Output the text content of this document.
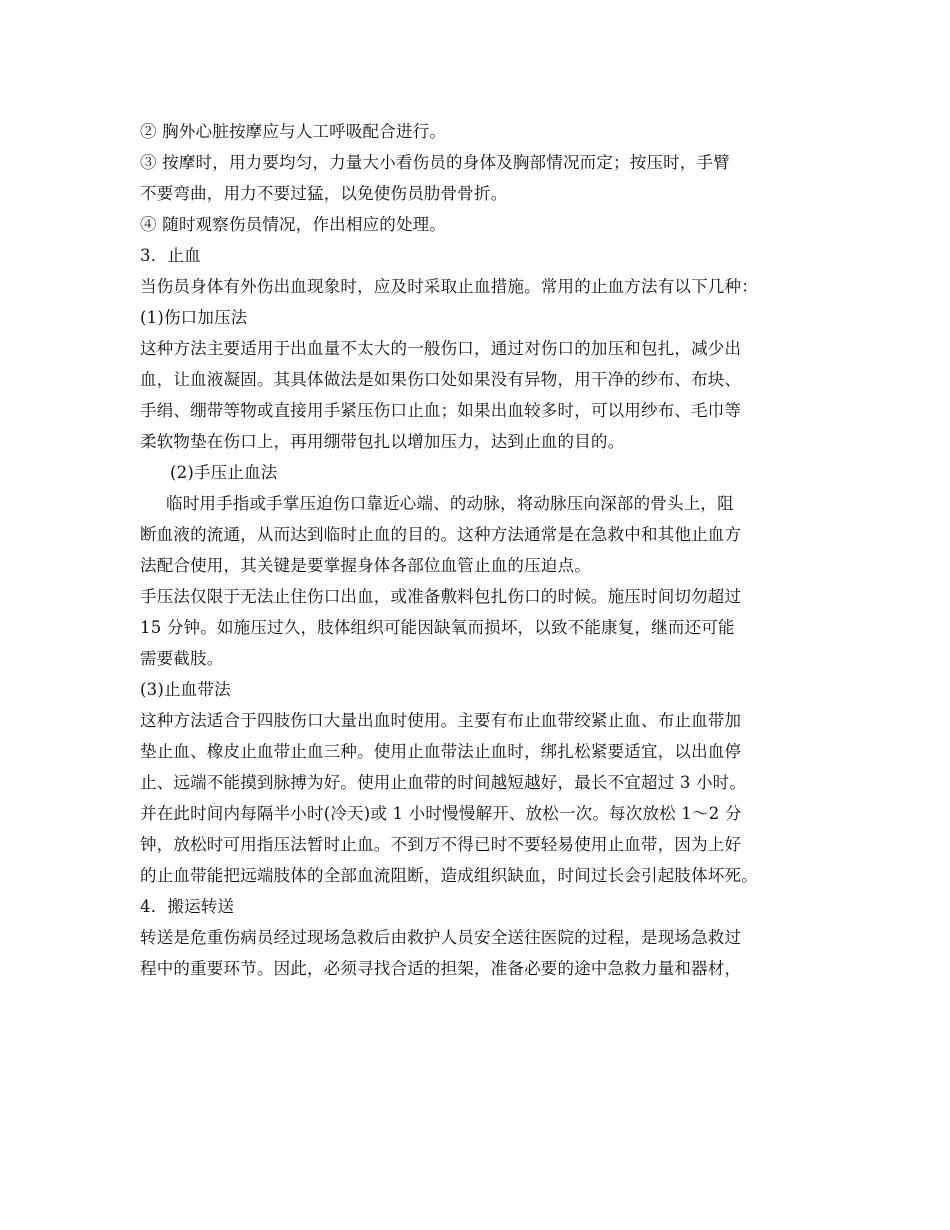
② 胸外心脏按摩应与人工呼吸配合进行。
③ 按摩时，用力要均匀，力量大小看伤员的身体及胸部情况而定；按压时，手臂
不要弯曲，用力不要过猛，以免使伤员肋骨骨折。
④ 随时观察伤员情况，作出相应的处理。
3．止血
当伤员身体有外伤出血现象时，应及时采取止血措施。常用的止血方法有以下几种：
(1)伤口加压法
这种方法主要适用于出血量不太大的一般伤口，通过对伤口的加压和包扎，减少出
血，让血液凝固。其具体做法是如果伤口处如果没有异物，用干净的纱布、布块、
手绢、绷带等物或直接用手紧压伤口止血；如果出血较多时，可以用纱布、毛巾等
柔软物垫在伤口上，再用绷带包扎以增加压力，达到止血的目的。
(2)手压止血法
临时用手指或手掌压迫伤口靠近心端、的动脉，将动脉压向深部的骨头上，阻
断血液的流通，从而达到临时止血的目的。这种方法通常是在急救中和其他止血方
法配合使用，其关键是要掌握身体各部位血管止血的压迫点。
手压法仅限于无法止住伤口出血，或准备敷料包扎伤口的时候。施压时间切勿超过
15 分钟。如施压过久，肢体组织可能因缺氧而损坏，以致不能康复，继而还可能
需要截肢。
(3)止血带法
这种方法适合于四肢伤口大量出血时使用。主要有布止血带绞紧止血、布止血带加
垫止血、橡皮止血带止血三种。使用止血带法止血时，绑扎松紧要适宜，以出血停
止、远端不能摸到脉搏为好。使用止血带的时间越短越好，最长不宜超过 3 小时。
并在此时间内每隔半小时(冷天)或 1 小时慢慢解开、放松一次。每次放松 1～2 分
钟，放松时可用指压法暂时止血。不到万不得已时不要轻易使用止血带，因为上好
的止血带能把远端肢体的全部血流阻断，造成组织缺血，时间过长会引起肢体坏死。
4．搬运转送
转送是危重伤病员经过现场急救后由救护人员安全送往医院的过程，是现场急救过
程中的重要环节。因此，必须寻找合适的担架，准备必要的途中急救力量和器材，
